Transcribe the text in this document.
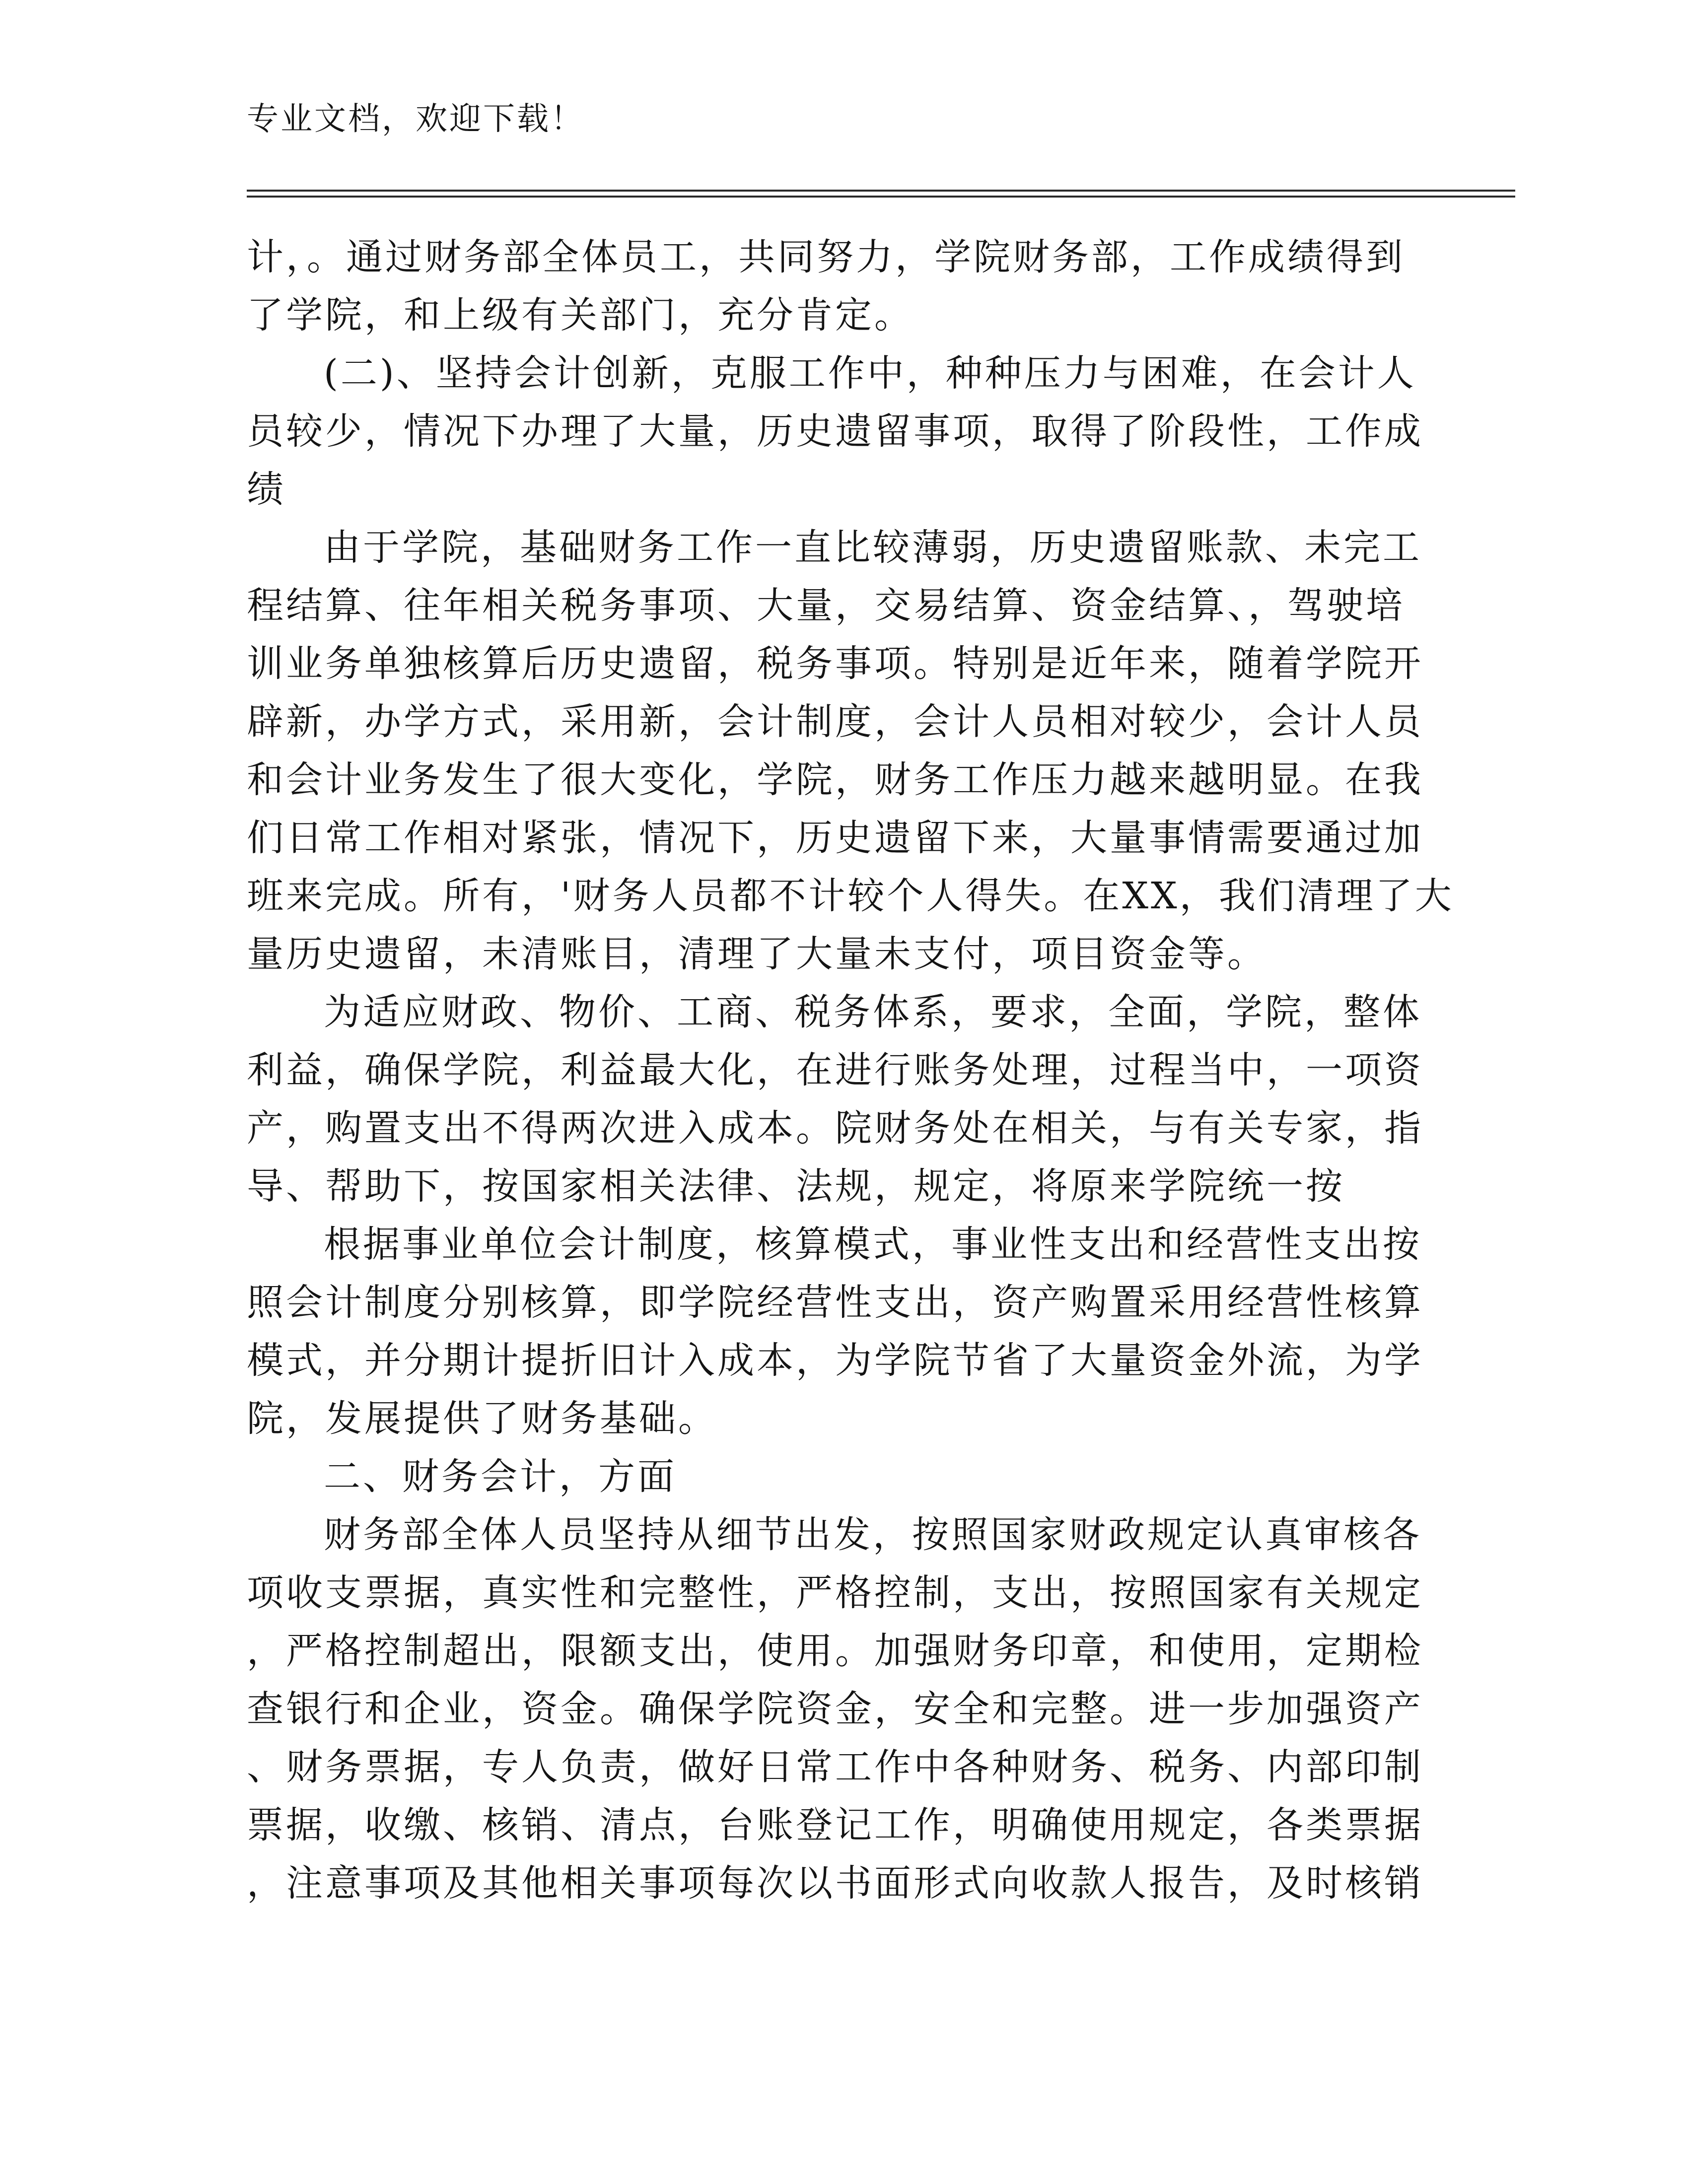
专业文档，欢迎下载！
计，。通过财务部全体员工，共同努力，学院财务部，工作成绩得到
了学院，和上级有关部门，充分肯定。
(二)、坚持会计创新，克服工作中，种种压力与困难，在会计人
员较少，情况下办理了大量，历史遗留事项，取得了阶段性，工作成
绩
由于学院，基础财务工作一直比较薄弱，历史遗留账款、未完工
程结算、往年相关税务事项、大量，交易结算、资金结算、，驾驶培
训业务单独核算后历史遗留，税务事项。特别是近年来，随着学院开
辟新，办学方式，采用新，会计制度，会计人员相对较少，会计人员
和会计业务发生了很大变化，学院，财务工作压力越来越明显。在我
们日常工作相对紧张，情况下，历史遗留下来，大量事情需要通过加
班来完成。所有，'财务人员都不计较个人得失。在XX，我们清理了大
量历史遗留，未清账目，清理了大量未支付，项目资金等。
为适应财政、物价、工商、税务体系，要求，全面，学院，整体
利益，确保学院，利益最大化，在进行账务处理，过程当中，一项资
产，购置支出不得两次进入成本。院财务处在相关，与有关专家，指
导、帮助下，按国家相关法律、法规，规定，将原来学院统一按
根据事业单位会计制度，核算模式，事业性支出和经营性支出按
照会计制度分别核算，即学院经营性支出，资产购置采用经营性核算
模式，并分期计提折旧计入成本，为学院节省了大量资金外流，为学
院，发展提供了财务基础。
二、财务会计，方面
财务部全体人员坚持从细节出发，按照国家财政规定认真审核各
项收支票据，真实性和完整性，严格控制，支出，按照国家有关规定
，严格控制超出，限额支出，使用。加强财务印章，和使用，定期检
查银行和企业，资金。确保学院资金，安全和完整。进一步加强资产
、财务票据，专人负责，做好日常工作中各种财务、税务、内部印制
票据，收缴、核销、清点，台账登记工作，明确使用规定，各类票据
，注意事项及其他相关事项每次以书面形式向收款人报告，及时核销
